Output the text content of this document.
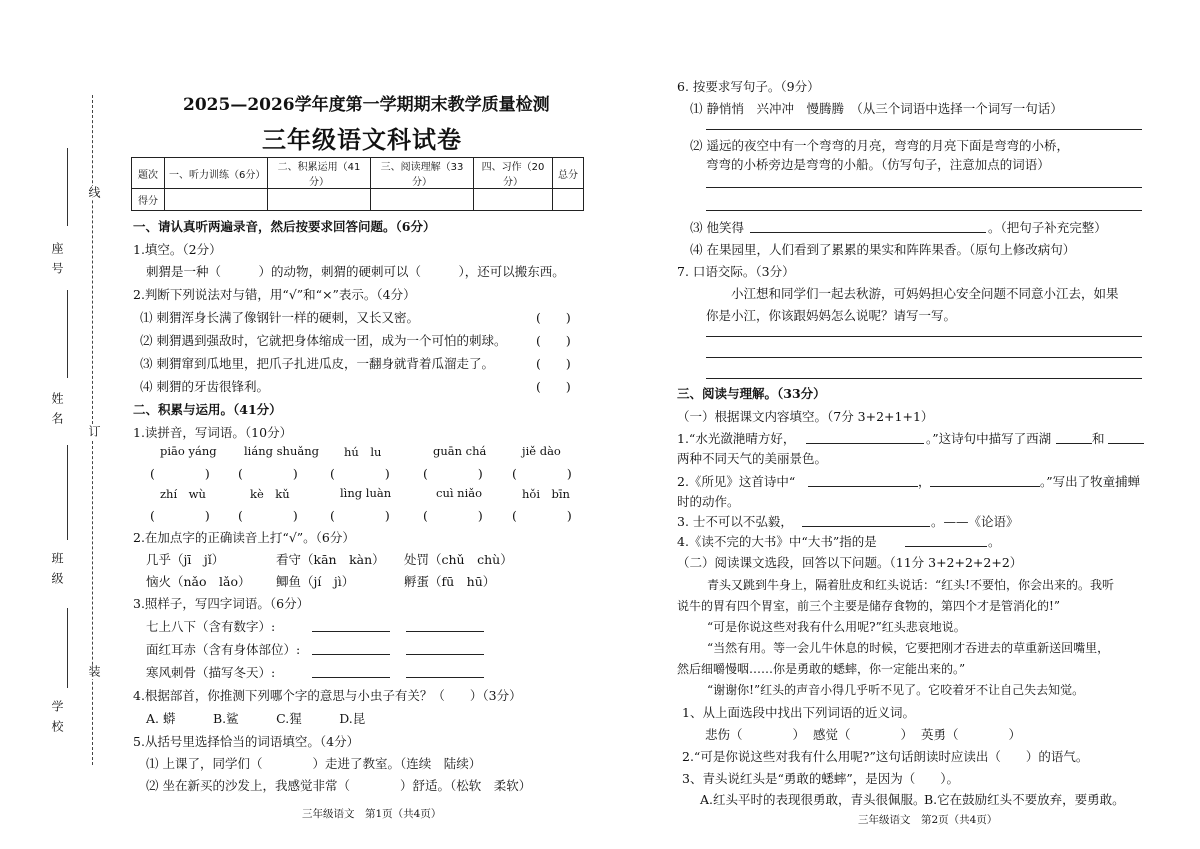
线
订
装
座 号
姓 名
班 级
学 校
2025—2026学年度第一学期期末教学质量检测
三年级语文科试卷
题次	一、听力训练（6分）	二、积累运用（41分）	三、阅读理解（33分）	四、习作（20分）	总分
得分					
一、请认真听两遍录音，然后按要求回答问题。（6分）
1.填空。（2分）
刺猬是一种（　　　）的动物，刺猬的硬刺可以（　　　），还可以搬东西。
2.判断下列说法对与错，用“√”和“×”表示。（4分）
⑴ 刺猬浑身长满了像钢针一样的硬刺，又长又密。	(　　)
⑵ 刺猬遇到强敌时，它就把身体缩成一团，成为一个可怕的刺球。 (　　)
⑶ 刺猬窜到瓜地里，把爪子扎进瓜皮，一翻身就背着瓜溜走了。	(　　)
⑷ 刺猬的牙齿很锋利。	(　　)
二、积累与运用。（41分）
1.读拼音，写词语。（10分）
piāo yáng liáng shuǎng hú　lu	guān chá	jiě dào
(　　　　) (　　　　)	(　　　　)	(　　　　) (　　　　)
zhí　wù	kè　kǔ	lìng luàn	cuì niǎo	hǒi　bīn
(　　　　) (　　　　)	(　　　　)	(　　　　) (　　　　)
2.在加点字的正确读音上打“√”。（6分）
几乎（jī　jǐ）	看守（kān　kàn） 处罚（chǔ　chù）
恼火（nǎo　lǎo） 鲫鱼（jí　jì）	孵蛋（fū　hū）
3.照样子，写四字词语。（6分）
七上八下（含有数字）:
面红耳赤（含有身体部位）:
寒风刺骨（描写冬天）:
4.根据部首，你推测下列哪个字的意思与小虫子有关？（　　）（3分）
A. 蟒　　　B.鲨　　　C.猩　　　D.昆
5.从括号里选择恰当的词语填空。（4分）
⑴ 上课了，同学们（　　　　）走进了教室。（连续　陆续）
⑵ 坐在新买的沙发上，我感觉非常（　　　　）舒适。（松软　柔软）
三年级语文　第1页（共4页）
6. 按要求写句子。（9分）
⑴ 静悄悄　兴冲冲　慢腾腾　（从三个词语中选择一个词写一句话）
⑵ 遥远的夜空中有一个弯弯的月亮，弯弯的月亮下面是弯弯的小桥，
弯弯的小桥旁边是弯弯的小船。（仿写句子，注意加点的词语）
⑶ 他笑得	。（把句子补充完整）
⑷ 在果园里，人们看到了累累的果实和阵阵果香。（原句上修改病句）
7. 口语交际。（3分）
小江想和同学们一起去秋游，可妈妈担心安全问题不同意小江去，如果
你是小江，你该跟妈妈怎么说呢？请写一写。
三、阅读与理解。（33分）
（一）根据课文内容填空。（7分 3+2+1+1）
1.“水光潋滟晴方好，	。”这诗句中描写了西湖	和
两种不同天气的美丽景色。
2.《所见》这首诗中“	，	。”写出了牧童捕蝉
时的动作。
3. 士不可以不弘毅，	。——《论语》
4.《读不完的大书》中“大书”指的是	。
（二）阅读课文选段，回答以下问题。（11分 3+2+2+2+2）
青头又跳到牛身上，隔着肚皮和红头说话：“红头!不要怕，你会出来的。我听
说牛的胃有四个胃室，前三个主要是储存食物的，第四个才是管消化的!”
“可是你说这些对我有什么用呢?”红头悲哀地说。
“当然有用。等一会儿牛休息的时候，它要把刚才吞进去的草重新送回嘴里，
然后细嚼慢咽……你是勇敢的蟋蟀，你一定能出来的。”
“谢谢你!”红头的声音小得几乎听不见了。它咬着牙不让自己失去知觉。
1、从上面选段中找出下列词语的近义词。
悲伤（　　　　） 感觉（　　　　） 英勇（　　　　）
2.“可是你说这些对我有什么用呢?”这句话朗读时应读出（　　）的语气。
3、青头说红头是“勇敢的蟋蟀”，是因为（　　）。
A.红头平时的表现很勇敢，青头很佩服。
B.它在鼓励红头不要放弃，要勇敢。
三年级语文　第2页（共4页）
